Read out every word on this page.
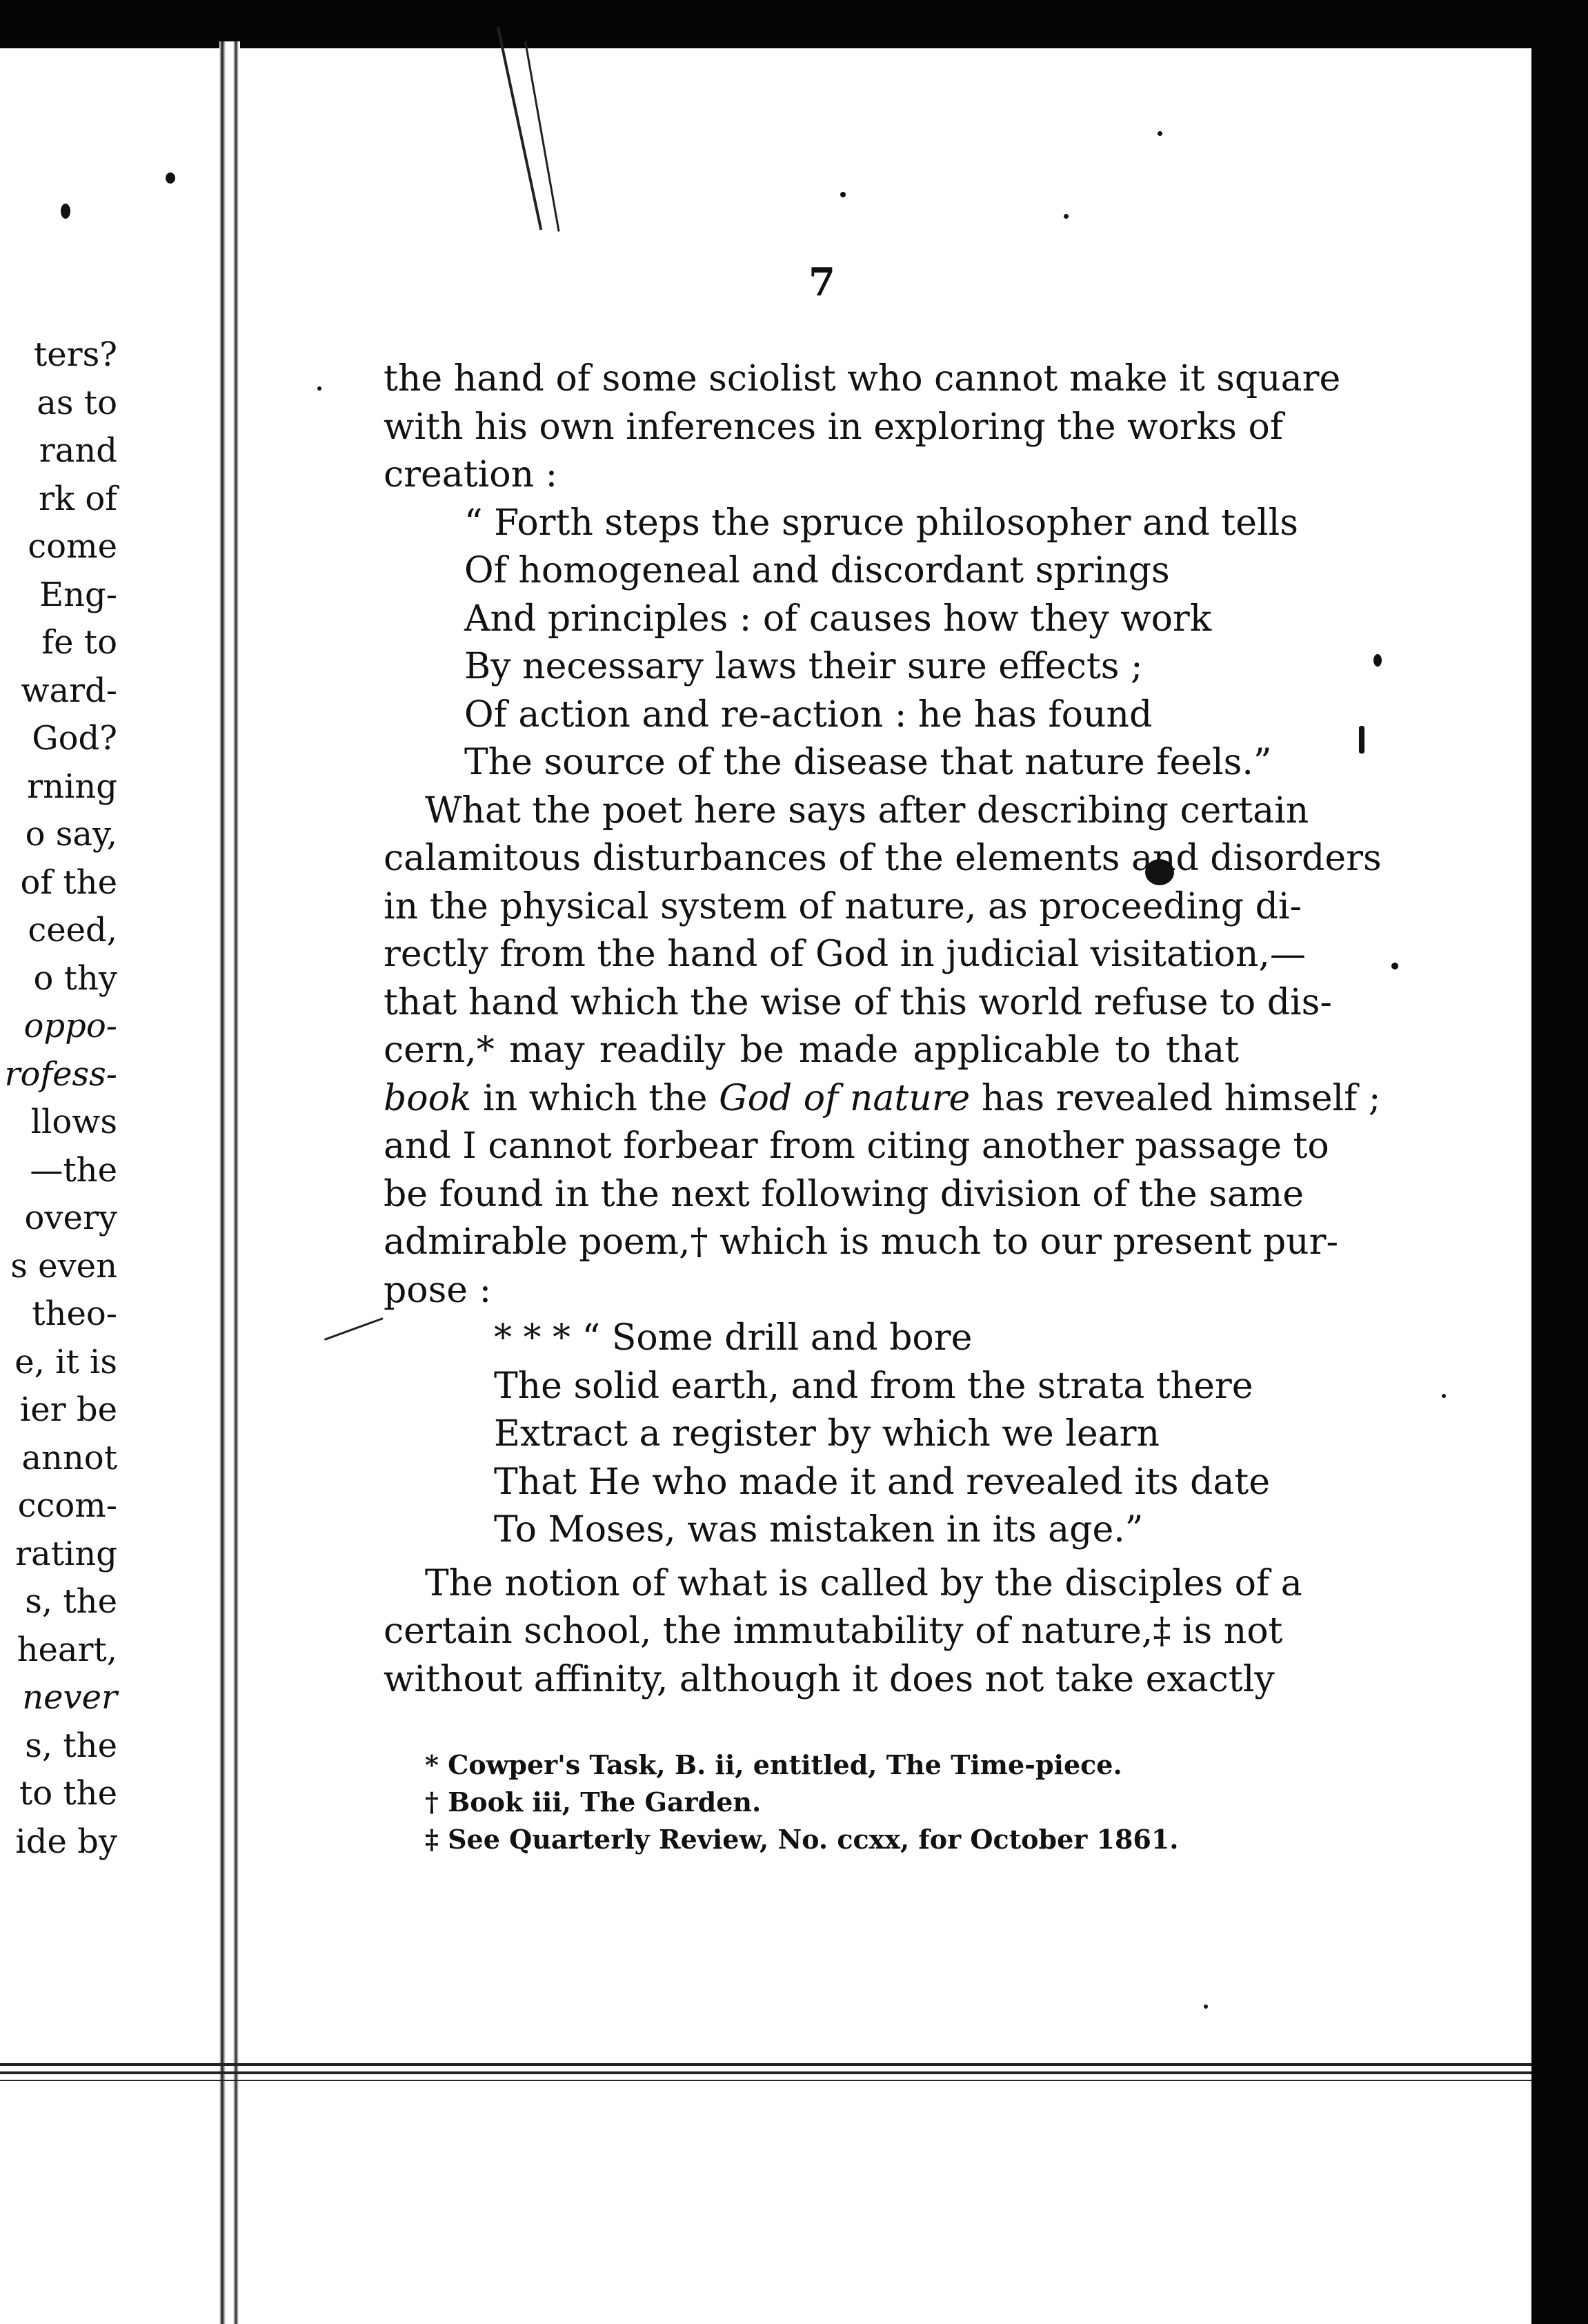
ters?
as to
rand
rk of
come
Eng-
fe to
ward-
God?
rning
o say,
of the
ceed,
o thy
oppo-
rofess-
llows
—the
overy
s even
theo-
e, it is
ier be
annot
ccom-
rating
s, the
heart,
never
s, the
to the
ide by
7
the hand of some sciolist who cannot make it square
with his own inferences in exploring the works of
creation :
“ Forth steps the spruce philosopher and tells
Of homogeneal and discordant springs
And principles : of causes how they work
By necessary laws their sure effects ;
Of action and re-action : he has found
The source of the disease that nature feels.”
What the poet here says after describing certain
calamitous disturbances of the elements and disorders
in the physical system of nature, as proceeding di-
rectly from the hand of God in judicial visitation,—
that hand which the wise of this world refuse to dis-
cern,* may readily be made applicable to that
book in which the God of nature has revealed himself ;
and I cannot forbear from citing another passage to
be found in the next following division of the same
admirable poem,† which is much to our present pur-
pose :
* * * “ Some drill and bore
The solid earth, and from the strata there
Extract a register by which we learn
That He who made it and revealed its date
To Moses, was mistaken in its age.”
The notion of what is called by the disciples of a
certain school, the immutability of nature,‡ is not
without affinity, although it does not take exactly
* Cowper's Task, B. ii, entitled, The Time-piece.
† Book iii, The Garden.
‡ See Quarterly Review, No. ccxx, for October 1861.
